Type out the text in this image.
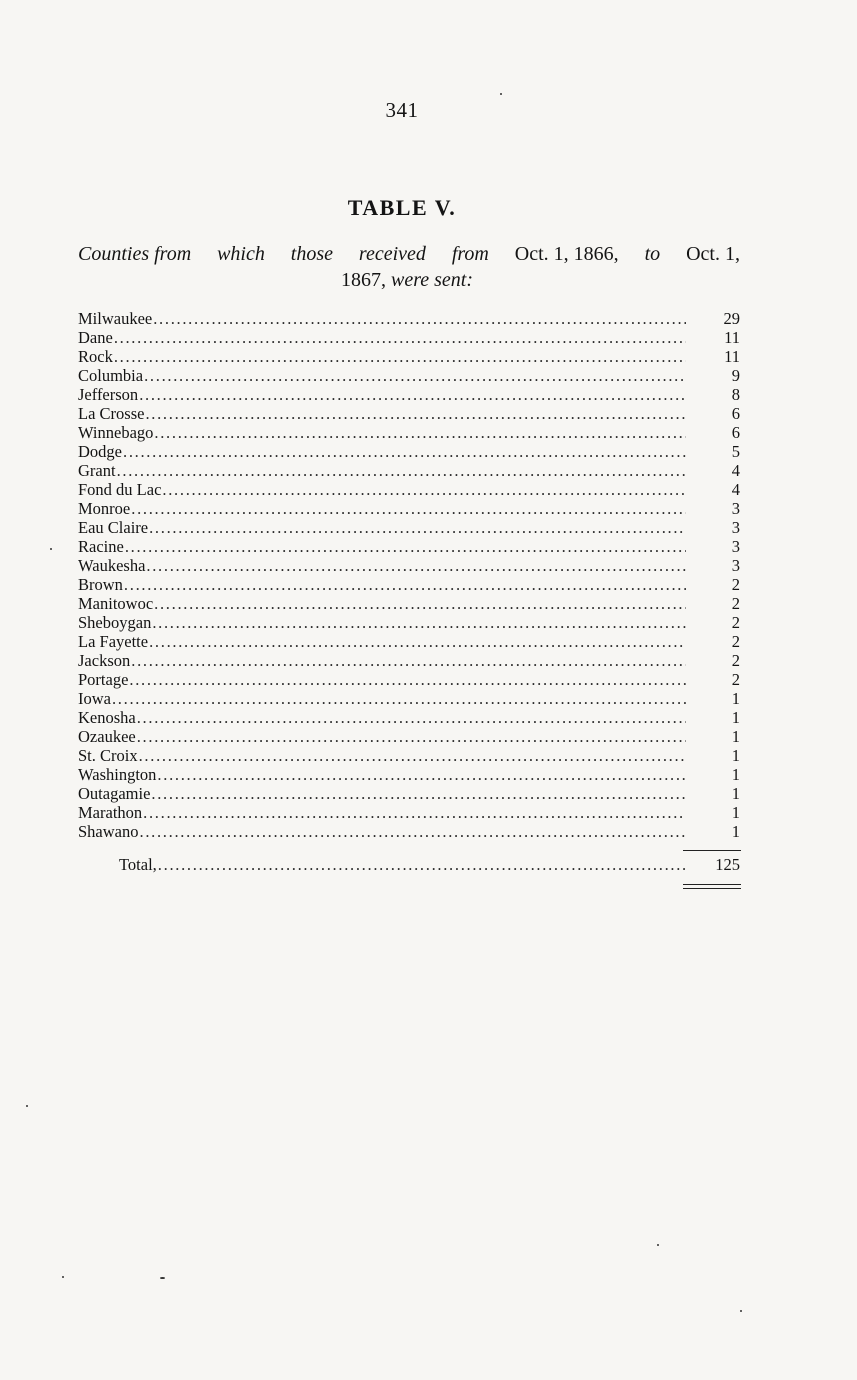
341
TABLE V.
Counties from which those received from Oct. 1, 1866, to Oct. 1,
1867, were sent:
Milwaukee .....	29
Dane .....	11
Rock .....	11
Columbia .....	9
Jefferson .....	8
La Crosse .....	6
Winnebago .....	6
Dodge .....	5
Grant .....	4
Fond du Lac .....	4
Monroe .....	3
Eau Claire .....	3
Racine .....	3
Waukesha .....	3
Brown .....	2
Manitowoc .....	2
Sheboygan .....	2
La Fayette .....	2
Jackson .....	2
Portage .....	2
Iowa .....	1
Kenosha .....	1
Ozaukee .....	1
St. Croix .....	1
Washington .....	1
Outagamie .....	1
Marathon .....	1
Shawano .....	1
Total, .....	125
